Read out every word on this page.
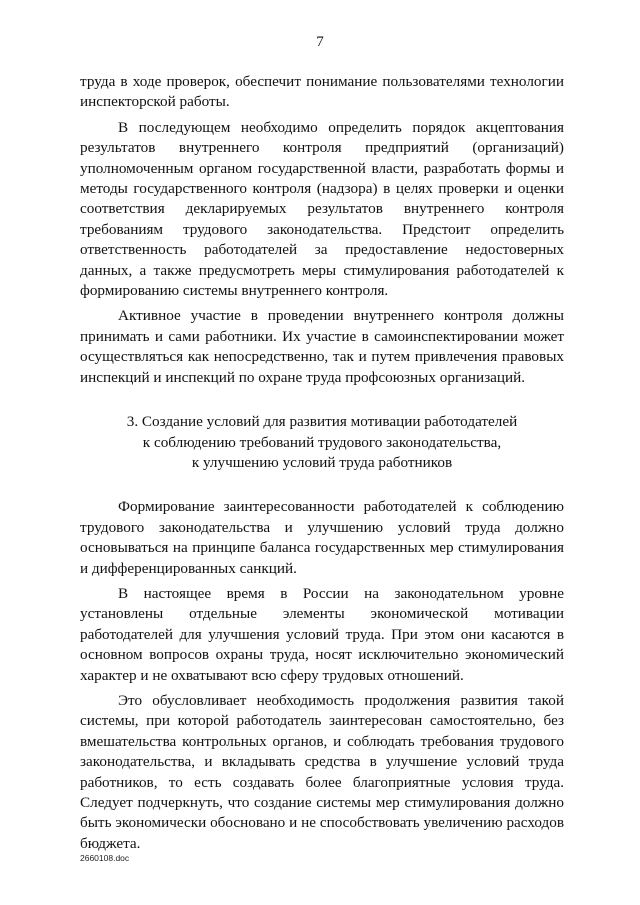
7

труда в ходе проверок, обеспечит понимание пользователями технологии инспекторской работы.

В последующем необходимо определить порядок акцептования результатов внутреннего контроля предприятий (организаций) уполномоченным органом государственной власти, разработать формы и методы государственного контроля (надзора) в целях проверки и оценки соответствия декларируемых результатов внутреннего контроля требованиям трудового законодательства. Предстоит определить ответственность работодателей за предоставление недостоверных данных, а также предусмотреть меры стимулирования работодателей к формированию системы внутреннего контроля.

Активное участие в проведении внутреннего контроля должны принимать и сами работники. Их участие в самоинспектировании может осуществляться как непосредственно, так и путем привлечения правовых инспекций и инспекций по охране труда профсоюзных организаций.

3. Создание условий для развития мотивации работодателей
к соблюдению требований трудового законодательства,
к улучшению условий труда работников

Формирование заинтересованности работодателей к соблюдению трудового законодательства и улучшению условий труда должно основываться на принципе баланса государственных мер стимулирования и дифференцированных санкций.

В настоящее время в России на законодательном уровне установлены отдельные элементы экономической мотивации работодателей для улучшения условий труда. При этом они касаются в основном вопросов охраны труда, носят исключительно экономический характер и не охватывают всю сферу трудовых отношений.

Это обусловливает необходимость продолжения развития такой системы, при которой работодатель заинтересован самостоятельно, без вмешательства контрольных органов, и соблюдать требования трудового законодательства, и вкладывать средства в улучшение условий труда работников, то есть создавать более благоприятные условия труда. Следует подчеркнуть, что создание системы мер стимулирования должно быть экономически обосновано и не способствовать увеличению расходов бюджета.

2660108.doc
